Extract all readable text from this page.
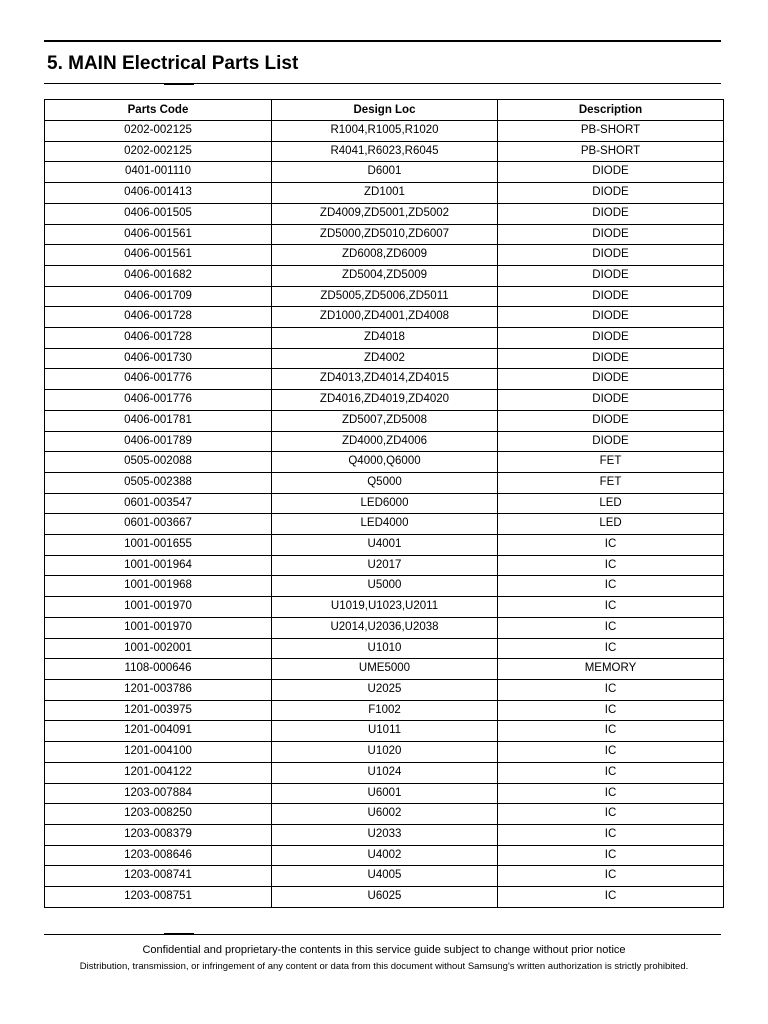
5. MAIN Electrical Parts List
Parts Code	Design Loc	Description
0202-002125	R1004,R1005,R1020	PB-SHORT
0202-002125	R4041,R6023,R6045	PB-SHORT
0401-001110	D6001	DIODE
0406-001413	ZD1001	DIODE
0406-001505	ZD4009,ZD5001,ZD5002	DIODE
0406-001561	ZD5000,ZD5010,ZD6007	DIODE
0406-001561	ZD6008,ZD6009	DIODE
0406-001682	ZD5004,ZD5009	DIODE
0406-001709	ZD5005,ZD5006,ZD5011	DIODE
0406-001728	ZD1000,ZD4001,ZD4008	DIODE
0406-001728	ZD4018	DIODE
0406-001730	ZD4002	DIODE
0406-001776	ZD4013,ZD4014,ZD4015	DIODE
0406-001776	ZD4016,ZD4019,ZD4020	DIODE
0406-001781	ZD5007,ZD5008	DIODE
0406-001789	ZD4000,ZD4006	DIODE
0505-002088	Q4000,Q6000	FET
0505-002388	Q5000	FET
0601-003547	LED6000	LED
0601-003667	LED4000	LED
1001-001655	U4001	IC
1001-001964	U2017	IC
1001-001968	U5000	IC
1001-001970	U1019,U1023,U2011	IC
1001-001970	U2014,U2036,U2038	IC
1001-002001	U1010	IC
1108-000646	UME5000	MEMORY
1201-003786	U2025	IC
1201-003975	F1002	IC
1201-004091	U1011	IC
1201-004100	U1020	IC
1201-004122	U1024	IC
1203-007884	U6001	IC
1203-008250	U6002	IC
1203-008379	U2033	IC
1203-008646	U4002	IC
1203-008741	U4005	IC
1203-008751	U6025	IC
Confidential and proprietary-the contents in this service guide subject to change without prior notice
Distribution, transmission, or infringement of any content or data from this document without Samsung's written authorization is strictly prohibited.
